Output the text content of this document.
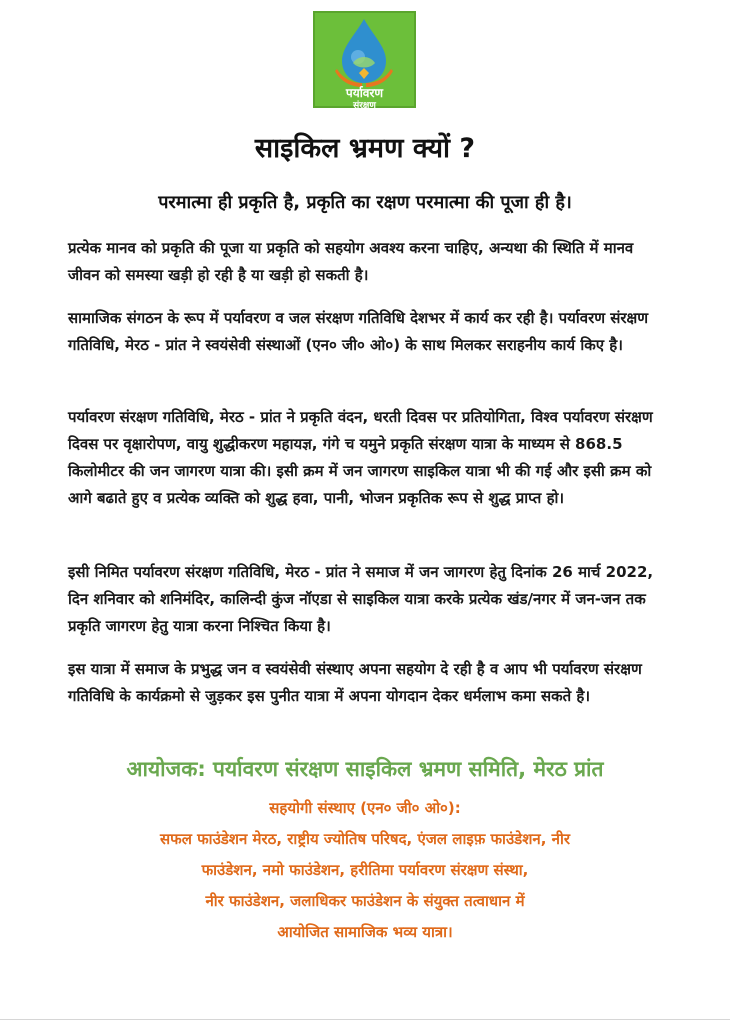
पर्यावरण
संरक्षण
साइकिल भ्रमण क्यों ?
परमात्मा ही प्रकृति है, प्रकृति का रक्षण परमात्मा की पूजा ही है।

प्रत्येक मानव को प्रकृति की पूजा या प्रकृति को सहयोग अवश्य करना चाहिए, अन्यथा की स्थिति में मानव जीवन को समस्या खड़ी हो रही है या खड़ी हो सकती है।

सामाजिक संगठन के रूप में पर्यावरण व जल संरक्षण गतिविधि देशभर में कार्य कर रही है। पर्यावरण संरक्षण गतिविधि, मेरठ - प्रांत ने स्वयंसेवी संस्थाओं (एन० जी० ओ०) के साथ मिलकर सराहनीय कार्य किए है।

पर्यावरण संरक्षण गतिविधि, मेरठ - प्रांत ने प्रकृति वंदन, धरती दिवस पर प्रतियोगिता, विश्व पर्यावरण संरक्षण दिवस पर वृक्षारोपण, वायु शुद्धीकरण महायज्ञ, गंगे च यमुने प्रकृति संरक्षण यात्रा के माध्यम से 868.5 किलोमीटर की जन जागरण यात्रा की। इसी क्रम में जन जागरण साइकिल यात्रा भी की गई और इसी क्रम को आगे बढाते हुए व प्रत्येक व्यक्ति को शुद्ध हवा, पानी, भोजन प्रकृतिक रूप से शुद्ध प्राप्त हो।

इसी निमित पर्यावरण संरक्षण गतिविधि, मेरठ - प्रांत ने समाज में जन जागरण हेतु दिनांक 26 मार्च 2022, दिन शनिवार को शनिमंदिर, कालिन्दी कुंज नॉएडा से साइकिल यात्रा करके प्रत्येक खंड/नगर में जन-जन तक प्रकृति जागरण हेतु यात्रा करना निश्चित किया है।

इस यात्रा में समाज के प्रभुद्ध जन व स्वयंसेवी संस्थाए अपना सहयोग दे रही है व आप भी पर्यावरण संरक्षण गतिविधि के कार्यक्रमो से जुड़कर इस पुनीत यात्रा में अपना योगदान देकर धर्मलाभ कमा सकते है।

आयोजक: पर्यावरण संरक्षण साइकिल भ्रमण समिति, मेरठ प्रांत
सहयोगी संस्थाए (एन० जी० ओ०):
सफल फाउंडेशन मेरठ, राष्ट्रीय ज्योतिष परिषद, एंजल लाइफ़ फाउंडेशन, नीर
फाउंडेशन, नमो फाउंडेशन, हरीतिमा पर्यावरण संरक्षण संस्था,
नीर फाउंडेशन, जलाधिकर फाउंडेशन के संयुक्त तत्वाधान में
आयोजित सामाजिक भव्य यात्रा।
